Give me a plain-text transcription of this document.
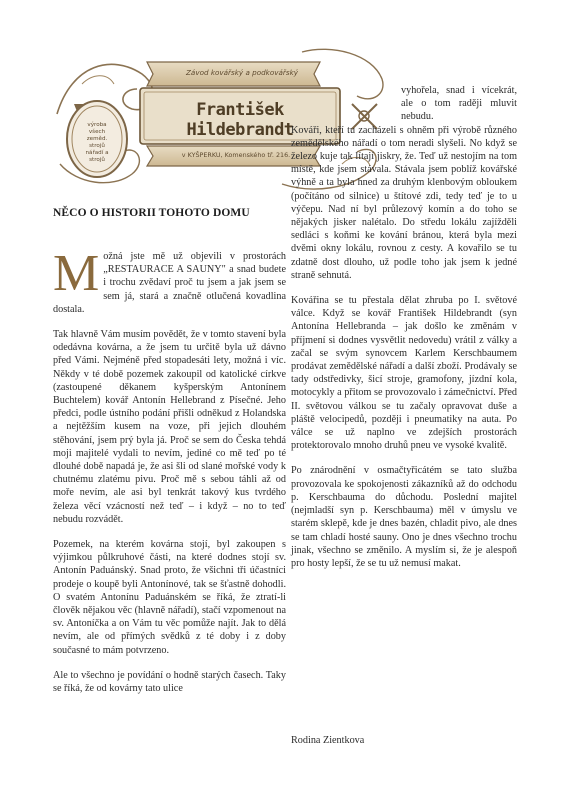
Závod kovářský a podkovářský
František Hildebrandt
v KYŠPERKU, Komenského tř. 216.
výroba
všech zeměd.
strojů
nářadí a
strojů
NĚCO O HISTORII TOHOTO DOMU

Možná jste mě už objevili v prostorách „RESTAURACE A SAUNY" a snad budete i trochu zvědaví proč tu jsem a jak jsem se sem já, stará a značně otlučená kovadlina dostala.

Tak hlavně Vám musím povědět, že v tomto stavení byla odedávna kovárna, a že jsem tu určitě byla už dávno před Vámi. Nejméně před stopadesáti lety, možná i víc. Někdy v té době pozemek zakoupil od katolické církve (zastoupené děkanem kyšperským Antonínem Buchtelem) kovář Antonín Hellebrand z Písečné. Jeho předci, podle ústního podání přišli odněkud z Holandska a nejtěžším kusem na voze, při jejich dlouhém stěhování, jsem prý byla já. Proč se sem do Česka tehdá moji majitelé vydali to nevím, jediné co mě teď po té dlouhé době napadá je, že asi šli od slané mořské vody k chutnému zlatému pivu. Proč mě s sebou táhli až od moře nevím, ale asi byl tenkrát takový kus tvrdého železa věcí vzácností než teď – i když – no to teď nebudu rozvádět.

Pozemek, na kterém kovárna stojí, byl zakoupen s výjimkou půlkruhové části, na které dodnes stojí sv. Antonín Paduánský. Snad proto, že všichni tři účastníci prodeje o koupě byli Antonínové, tak se šťastně dohodli. O svatém Antonínu Paduánském se říká, že ztratí-li člověk nějakou věc (hlavně nářadí), stačí vzpomenout na sv. Antoníčka a on Vám tu věc pomůže najít. Jak to dělá nevím, ale od přímých svědků z té doby i z doby současné to mám potvrzeno.

Ale to všechno je povídání o hodně starých časech. Taky se říká, že od kovárny tato ulice

vyhořela, snad i vícekrát, ale o tom raději mluvit nebudu.

Kováři, kteří tu zacházeli s ohněm při výrobě různého zemědělského nářadí o tom neradi slyšeli. No když se železo kuje tak lítají jiskry, že. Teď už nestojím na tom místě, kde jsem stávala. Stávala jsem poblíž kovářské výhně a ta byla hned za druhým klenbovým obloukem (počítáno od silnice) u štítové zdi, tedy teď je to u výčepu. Nad ní byl průlezový komín a do toho se nějakých jisker nalétalo. Do středu lokálu zajížděli sedláci s koňmi ke kování bránou, která byla mezi dvěmi okny lokálu, rovnou z cesty. A kovařilo se tu zdatně dost dlouho, už podle toho jak jsem k jedné straně sehnutá.

Kovářina se tu přestala dělat zhruba po I. světové válce. Když se kovář František Hildebrandt (syn Antonína Hellebranda – jak došlo ke změnám v příjmení si dodnes vysvětlit nedovedu) vrátil z války a začal se svým synovcem Karlem Kerschbaumem prodávat zemědělské nářadí a další zboží. Prodávaly se tady odstředivky, šicí stroje, gramofony, jízdní kola, motocykly a přitom se provozovalo i zámečnictví. Před II. světovou válkou se tu začaly opravovat duše a pláště velocipedů, později i pneumatiky na auta. Po válce se už naplno ve zdejších prostorách protektorovalo mnoho druhů pneu ve vysoké kvalitě.

Po znárodnění v osmačtyřicátém se tato služba provozovala ke spokojenosti zákazníků až do odchodu p. Kerschbauma do důchodu. Poslední majitel (nejmladší syn p. Kerschbauma) měl v úmyslu ve starém sklepě, kde je dnes bazén, chladit pivo, ale dnes se tam chladí hosté sauny. Ono je dnes všechno trochu jinak, všechno se změnilo. A myslím si, že je alespoň pro hosty lepší, že se tu už nemusí makat.

Rodina Zientkova
